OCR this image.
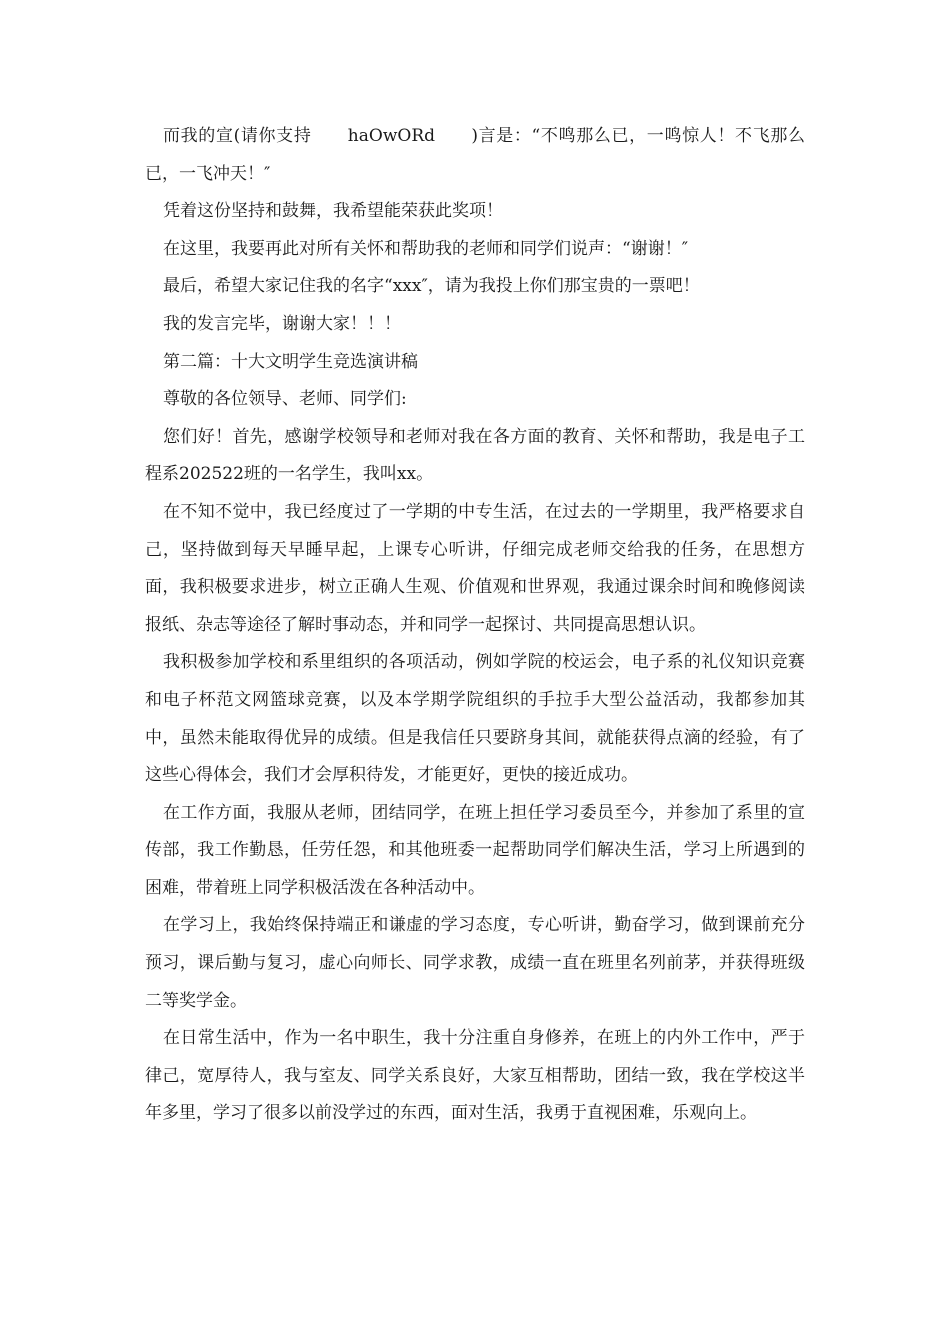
而我的宣(请你支持      haOwORd      )言是：“不鸣那么已，一鸣惊人！不飞那么已，一飞冲天！″

凭着这份坚持和鼓舞，我希望能荣获此奖项！

在这里，我要再此对所有关怀和帮助我的老师和同学们说声：“谢谢！″

最后，希望大家记住我的名字“xxx″，请为我投上你们那宝贵的一票吧！

我的发言完毕，谢谢大家！！！

第二篇：十大文明学生竞选演讲稿

尊敬的各位领导、老师、同学们:

您们好！首先，感谢学校领导和老师对我在各方面的教育、关怀和帮助，我是电子工程系202522班的一名学生，我叫xx。

在不知不觉中，我已经度过了一学期的中专生活，在过去的一学期里，我严格要求自己，坚持做到每天早睡早起，上课专心听讲，仔细完成老师交给我的任务，在思想方面，我积极要求进步，树立正确人生观、价值观和世界观，我通过课余时间和晚修阅读报纸、杂志等途径了解时事动态，并和同学一起探讨、共同提高思想认识。

我积极参加学校和系里组织的各项活动，例如学院的校运会，电子系的礼仪知识竞赛和电子杯范文网篮球竞赛，以及本学期学院组织的手拉手大型公益活动，我都参加其中，虽然未能取得优异的成绩。但是我信任只要跻身其间，就能获得点滴的经验，有了这些心得体会，我们才会厚积待发，才能更好，更快的接近成功。

在工作方面，我服从老师，团结同学，在班上担任学习委员至今，并参加了系里的宣传部，我工作勤恳，任劳任怨，和其他班委一起帮助同学们解决生活，学习上所遇到的困难，带着班上同学积极活泼在各种活动中。

在学习上，我始终保持端正和谦虚的学习态度，专心听讲，勤奋学习，做到课前充分预习，课后勤与复习，虚心向师长、同学求教，成绩一直在班里名列前茅，并获得班级二等奖学金。

在日常生活中，作为一名中职生，我十分注重自身修养，在班上的内外工作中，严于律己，宽厚待人，我与室友、同学关系良好，大家互相帮助，团结一致，我在学校这半年多里，学习了很多以前没学过的东西，面对生活，我勇于直视困难，乐观向上。
